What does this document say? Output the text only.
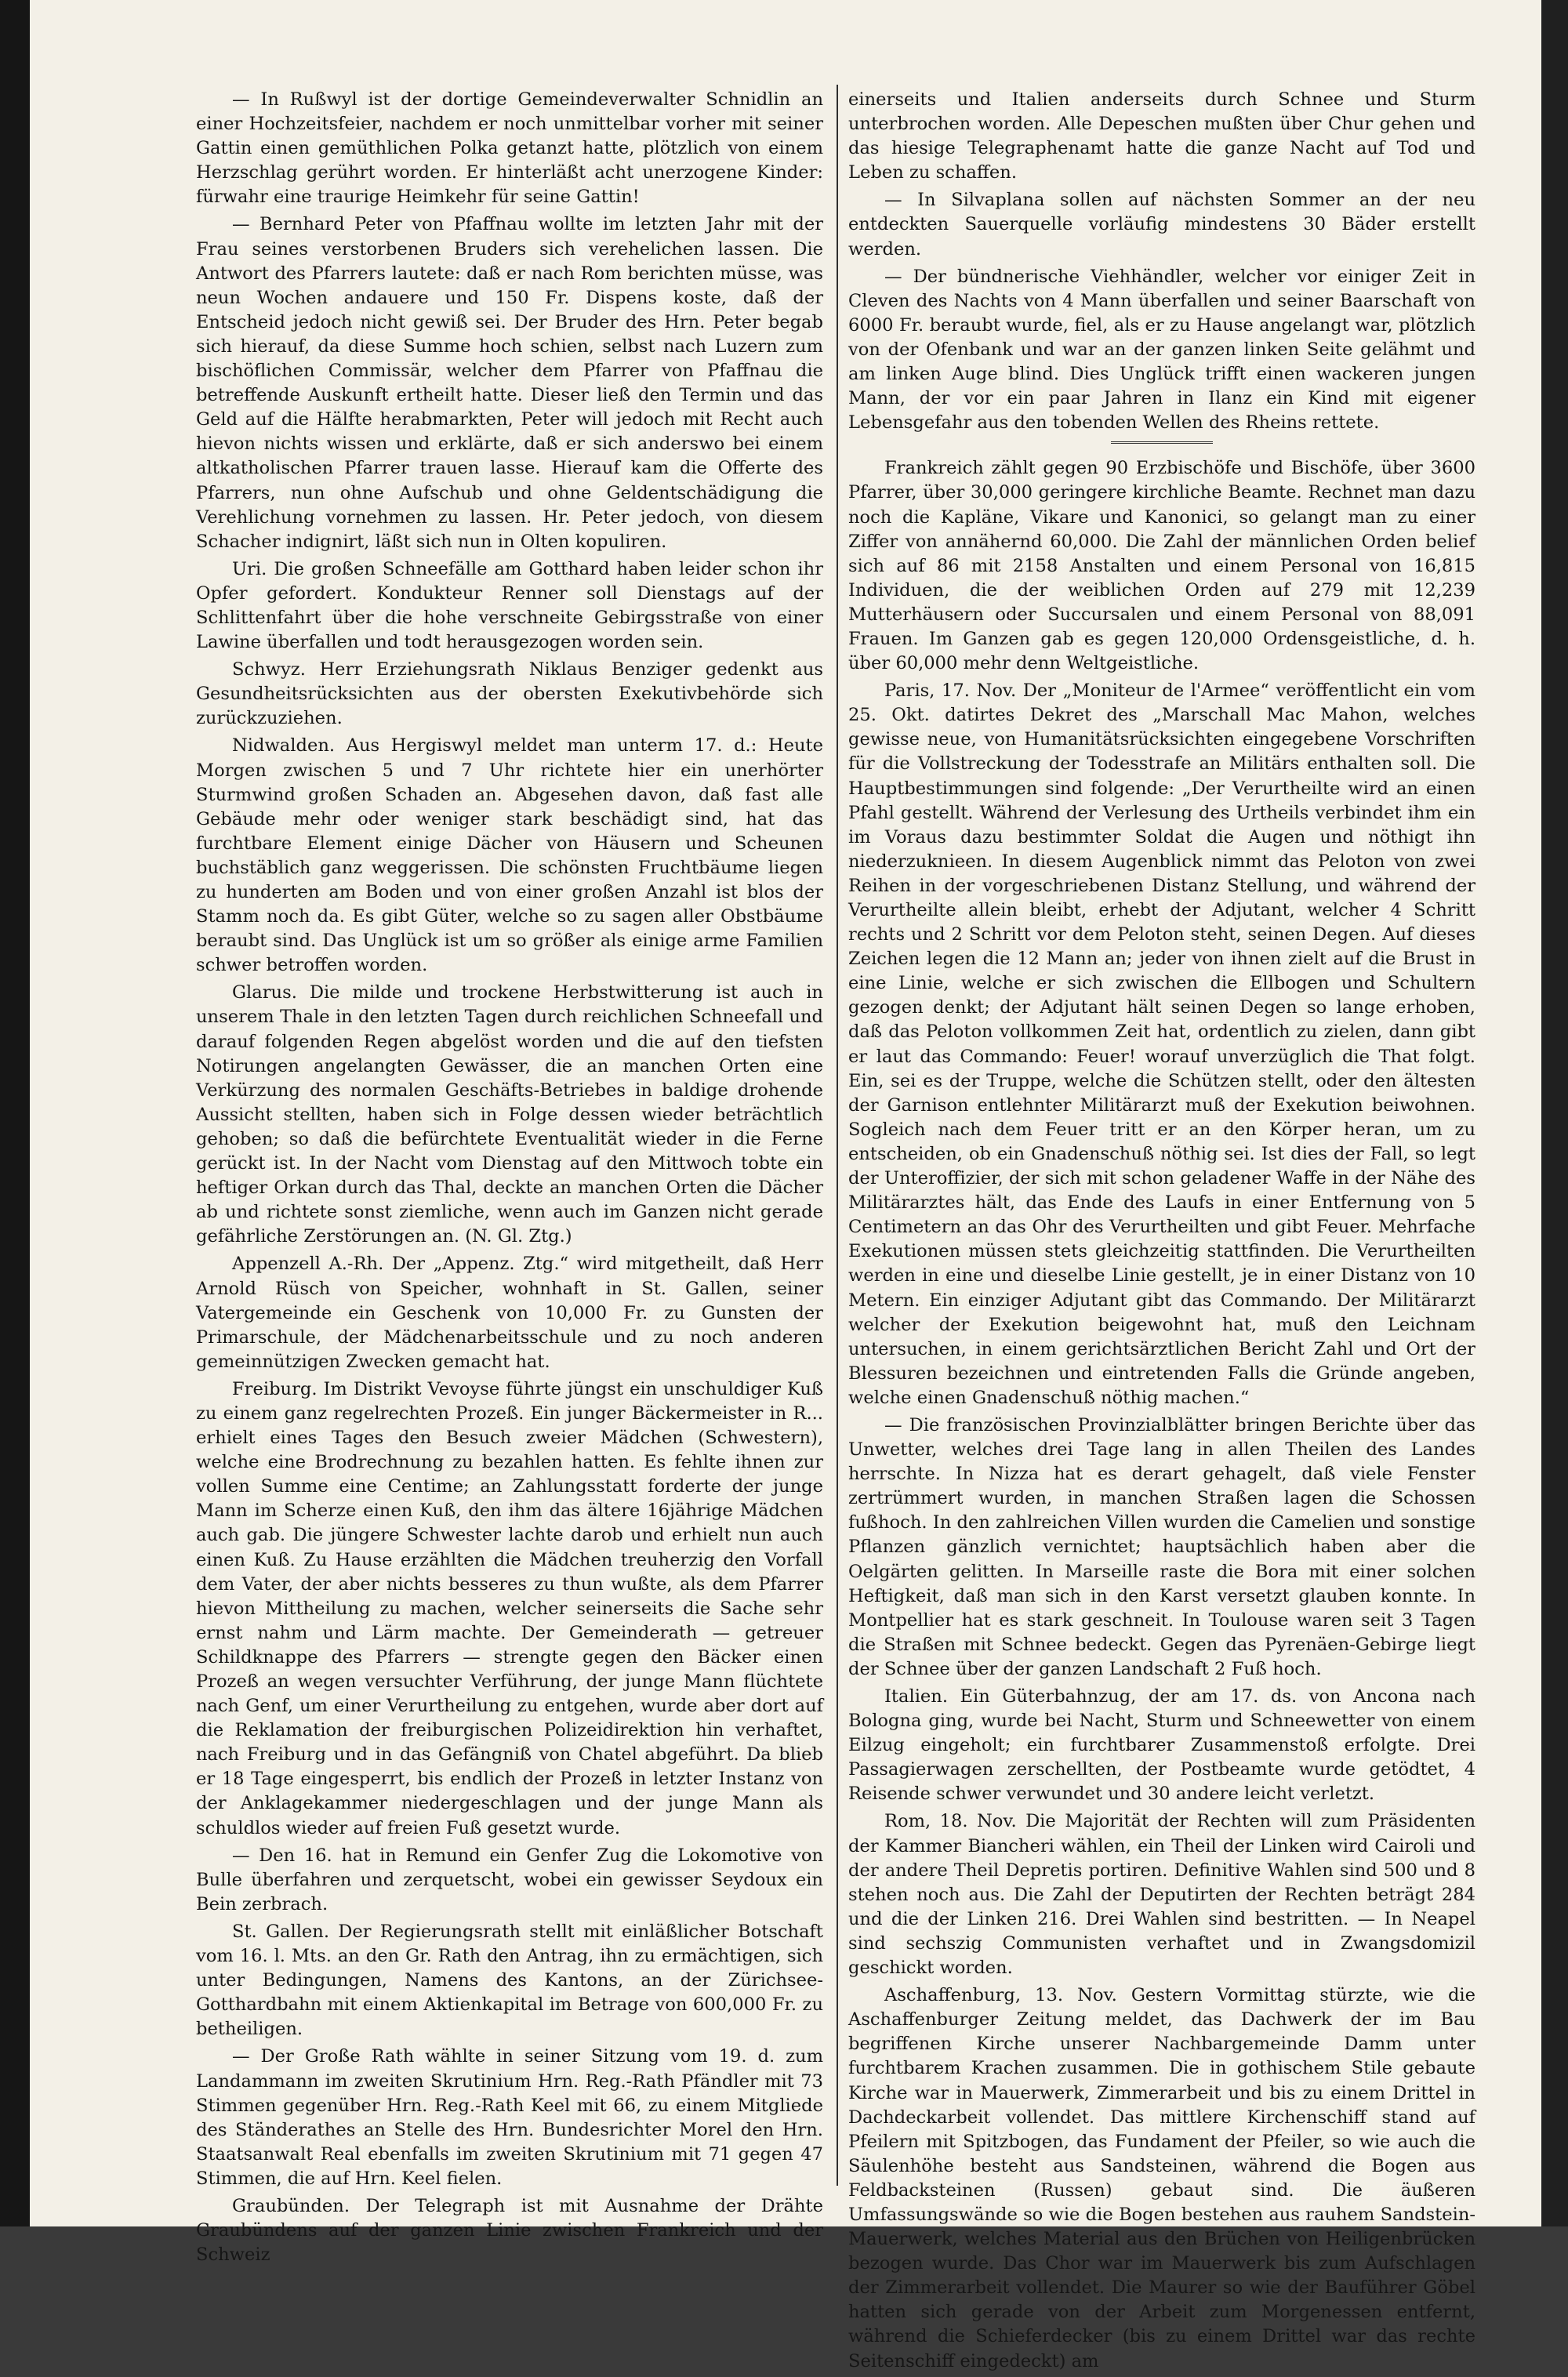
— In Rußwyl ist der dortige Gemeindeverwalter Schnidlin an einer Hochzeitsfeier, nachdem er noch unmittelbar vorher mit seiner Gattin einen gemüthlichen Polka getanzt hatte, plötzlich von einem Herzschlag gerührt worden. Er hinterläßt acht unerzogene Kinder: fürwahr eine traurige Heimkehr für seine Gattin!

— Bernhard Peter von Pfaffnau wollte im letzten Jahr mit der Frau seines verstorbenen Bruders sich verehelichen lassen. Die Antwort des Pfarrers lautete: daß er nach Rom berichten müsse, was neun Wochen andauere und 150 Fr. Dispens koste, daß der Entscheid jedoch nicht gewiß sei. Der Bruder des Hrn. Peter begab sich hierauf, da diese Summe hoch schien, selbst nach Luzern zum bischöflichen Commissär, welcher dem Pfarrer von Pfaffnau die betreffende Auskunft ertheilt hatte. Dieser ließ den Termin und das Geld auf die Hälfte herabmarkten, Peter will jedoch mit Recht auch hievon nichts wissen und erklärte, daß er sich anderswo bei einem altkatholischen Pfarrer trauen lasse. Hierauf kam die Offerte des Pfarrers, nun ohne Aufschub und ohne Geldentschädigung die Verehlichung vornehmen zu lassen. Hr. Peter jedoch, von diesem Schacher indignirt, läßt sich nun in Olten kopuliren.

Uri. Die großen Schneefälle am Gotthard haben leider schon ihr Opfer gefordert. Kondukteur Renner soll Dienstags auf der Schlittenfahrt über die hohe verschneite Gebirgsstraße von einer Lawine überfallen und todt herausgezogen worden sein.

Schwyz. Herr Erziehungsrath Niklaus Benziger gedenkt aus Gesundheitsrücksichten aus der obersten Exekutivbehörde sich zurückzuziehen.

Nidwalden. Aus Hergiswyl meldet man unterm 17. d.: Heute Morgen zwischen 5 und 7 Uhr richtete hier ein unerhörter Sturmwind großen Schaden an. Abgesehen davon, daß fast alle Gebäude mehr oder weniger stark beschädigt sind, hat das furchtbare Element einige Dächer von Häusern und Scheunen buchstäblich ganz weggerissen. Die schönsten Fruchtbäume liegen zu hunderten am Boden und von einer großen Anzahl ist blos der Stamm noch da. Es gibt Güter, welche so zu sagen aller Obstbäume beraubt sind. Das Unglück ist um so größer als einige arme Familien schwer betroffen worden.

Glarus. Die milde und trockene Herbstwitterung ist auch in unserem Thale in den letzten Tagen durch reichlichen Schneefall und darauf folgenden Regen abgelöst worden und die auf den tiefsten Notirungen angelangten Gewässer, die an manchen Orten eine Verkürzung des normalen Geschäfts-Betriebes in baldige drohende Aussicht stellten, haben sich in Folge dessen wieder beträchtlich gehoben; so daß die befürchtete Eventualität wieder in die Ferne gerückt ist. In der Nacht vom Dienstag auf den Mittwoch tobte ein heftiger Orkan durch das Thal, deckte an manchen Orten die Dächer ab und richtete sonst ziemliche, wenn auch im Ganzen nicht gerade gefährliche Zerstörungen an. (N. Gl. Ztg.)

Appenzell A.-Rh. Der „Appenz. Ztg.“ wird mitgetheilt, daß Herr Arnold Rüsch von Speicher, wohnhaft in St. Gallen, seiner Vatergemeinde ein Geschenk von 10,000 Fr. zu Gunsten der Primarschule, der Mädchenarbeitsschule und zu noch anderen gemeinnützigen Zwecken gemacht hat.

Freiburg. Im Distrikt Vevoyse führte jüngst ein unschuldiger Kuß zu einem ganz regelrechten Prozeß. Ein junger Bäckermeister in R... erhielt eines Tages den Besuch zweier Mädchen (Schwestern), welche eine Brodrechnung zu bezahlen hatten. Es fehlte ihnen zur vollen Summe eine Centime; an Zahlungsstatt forderte der junge Mann im Scherze einen Kuß, den ihm das ältere 16jährige Mädchen auch gab. Die jüngere Schwester lachte darob und erhielt nun auch einen Kuß. Zu Hause erzählten die Mädchen treuherzig den Vorfall dem Vater, der aber nichts besseres zu thun wußte, als dem Pfarrer hievon Mittheilung zu machen, welcher seinerseits die Sache sehr ernst nahm und Lärm machte. Der Gemeinderath — getreuer Schildknappe des Pfarrers — strengte gegen den Bäcker einen Prozeß an wegen versuchter Verführung, der junge Mann flüchtete nach Genf, um einer Verurtheilung zu entgehen, wurde aber dort auf die Reklamation der freiburgischen Polizeidirektion hin verhaftet, nach Freiburg und in das Gefängniß von Chatel abgeführt. Da blieb er 18 Tage eingesperrt, bis endlich der Prozeß in letzter Instanz von der Anklagekammer niedergeschlagen und der junge Mann als schuldlos wieder auf freien Fuß gesetzt wurde.

— Den 16. hat in Remund ein Genfer Zug die Lokomotive von Bulle überfahren und zerquetscht, wobei ein gewisser Seydoux ein Bein zerbrach.

St. Gallen. Der Regierungsrath stellt mit einläßlicher Botschaft vom 16. l. Mts. an den Gr. Rath den Antrag, ihn zu ermächtigen, sich unter Bedingungen, Namens des Kantons, an der Zürichsee-Gotthardbahn mit einem Aktienkapital im Betrage von 600,000 Fr. zu betheiligen.

— Der Große Rath wählte in seiner Sitzung vom 19. d. zum Landammann im zweiten Skrutinium Hrn. Reg.-Rath Pfändler mit 73 Stimmen gegenüber Hrn. Reg.-Rath Keel mit 66, zu einem Mitgliede des Ständerathes an Stelle des Hrn. Bundesrichter Morel den Hrn. Staatsanwalt Real ebenfalls im zweiten Skrutinium mit 71 gegen 47 Stimmen, die auf Hrn. Keel fielen.

Graubünden. Der Telegraph ist mit Ausnahme der Drähte Graubündens auf der ganzen Linie zwischen Frankreich und der Schweiz

einerseits und Italien anderseits durch Schnee und Sturm unterbrochen worden. Alle Depeschen mußten über Chur gehen und das hiesige Telegraphenamt hatte die ganze Nacht auf Tod und Leben zu schaffen.

— In Silvaplana sollen auf nächsten Sommer an der neu entdeckten Sauerquelle vorläufig mindestens 30 Bäder erstellt werden.

— Der bündnerische Viehhändler, welcher vor einiger Zeit in Cleven des Nachts von 4 Mann überfallen und seiner Baarschaft von 6000 Fr. beraubt wurde, fiel, als er zu Hause angelangt war, plötzlich von der Ofenbank und war an der ganzen linken Seite gelähmt und am linken Auge blind. Dies Unglück trifft einen wackeren jungen Mann, der vor ein paar Jahren in Ilanz ein Kind mit eigener Lebensgefahr aus den tobenden Wellen des Rheins rettete.

Frankreich zählt gegen 90 Erzbischöfe und Bischöfe, über 3600 Pfarrer, über 30,000 geringere kirchliche Beamte. Rechnet man dazu noch die Kapläne, Vikare und Kanonici, so gelangt man zu einer Ziffer von annähernd 60,000. Die Zahl der männlichen Orden belief sich auf 86 mit 2158 Anstalten und einem Personal von 16,815 Individuen, die der weiblichen Orden auf 279 mit 12,239 Mutterhäusern oder Succursalen und einem Personal von 88,091 Frauen. Im Ganzen gab es gegen 120,000 Ordensgeistliche, d. h. über 60,000 mehr denn Weltgeistliche.

Paris, 17. Nov. Der „Moniteur de l'Armee“ veröffentlicht ein vom 25. Okt. datirtes Dekret des „Marschall Mac Mahon, welches gewisse neue, von Humanitätsrücksichten eingegebene Vorschriften für die Vollstreckung der Todesstrafe an Militärs enthalten soll. Die Hauptbestimmungen sind folgende: „Der Verurtheilte wird an einen Pfahl gestellt. Während der Verlesung des Urtheils verbindet ihm ein im Voraus dazu bestimmter Soldat die Augen und nöthigt ihn niederzuknieen. In diesem Augenblick nimmt das Peloton von zwei Reihen in der vorgeschriebenen Distanz Stellung, und während der Verurtheilte allein bleibt, erhebt der Adjutant, welcher 4 Schritt rechts und 2 Schritt vor dem Peloton steht, seinen Degen. Auf dieses Zeichen legen die 12 Mann an; jeder von ihnen zielt auf die Brust in eine Linie, welche er sich zwischen die Ellbogen und Schultern gezogen denkt; der Adjutant hält seinen Degen so lange erhoben, daß das Peloton vollkommen Zeit hat, ordentlich zu zielen, dann gibt er laut das Commando: Feuer! worauf unverzüglich die That folgt. Ein, sei es der Truppe, welche die Schützen stellt, oder den ältesten der Garnison entlehnter Militärarzt muß der Exekution beiwohnen. Sogleich nach dem Feuer tritt er an den Körper heran, um zu entscheiden, ob ein Gnadenschuß nöthig sei. Ist dies der Fall, so legt der Unteroffizier, der sich mit schon geladener Waffe in der Nähe des Militärarztes hält, das Ende des Laufs in einer Entfernung von 5 Centimetern an das Ohr des Verurtheilten und gibt Feuer. Mehrfache Exekutionen müssen stets gleichzeitig stattfinden. Die Verurtheilten werden in eine und dieselbe Linie gestellt, je in einer Distanz von 10 Metern. Ein einziger Adjutant gibt das Commando. Der Militärarzt welcher der Exekution beigewohnt hat, muß den Leichnam untersuchen, in einem gerichtsärztlichen Bericht Zahl und Ort der Blessuren bezeichnen und eintretenden Falls die Gründe angeben, welche einen Gnadenschuß nöthig machen.“

— Die französischen Provinzialblätter bringen Berichte über das Unwetter, welches drei Tage lang in allen Theilen des Landes herrschte. In Nizza hat es derart gehagelt, daß viele Fenster zertrümmert wurden, in manchen Straßen lagen die Schossen fußhoch. In den zahlreichen Villen wurden die Camelien und sonstige Pflanzen gänzlich vernichtet; hauptsächlich haben aber die Oelgärten gelitten. In Marseille raste die Bora mit einer solchen Heftigkeit, daß man sich in den Karst versetzt glauben konnte. In Montpellier hat es stark geschneit. In Toulouse waren seit 3 Tagen die Straßen mit Schnee bedeckt. Gegen das Pyrenäen-Gebirge liegt der Schnee über der ganzen Landschaft 2 Fuß hoch.

Italien. Ein Güterbahnzug, der am 17. ds. von Ancona nach Bologna ging, wurde bei Nacht, Sturm und Schneewetter von einem Eilzug eingeholt; ein furchtbarer Zusammenstoß erfolgte. Drei Passagierwagen zerschellten, der Postbeamte wurde getödtet, 4 Reisende schwer verwundet und 30 andere leicht verletzt.

Rom, 18. Nov. Die Majorität der Rechten will zum Präsidenten der Kammer Biancheri wählen, ein Theil der Linken wird Cairoli und der andere Theil Depretis portiren. Definitive Wahlen sind 500 und 8 stehen noch aus. Die Zahl der Deputirten der Rechten beträgt 284 und die der Linken 216. Drei Wahlen sind bestritten. — In Neapel sind sechszig Communisten verhaftet und in Zwangsdomizil geschickt worden.

Aschaffenburg, 13. Nov. Gestern Vormittag stürzte, wie die Aschaffenburger Zeitung meldet, das Dachwerk der im Bau begriffenen Kirche unserer Nachbargemeinde Damm unter furchtbarem Krachen zusammen. Die in gothischem Stile gebaute Kirche war in Mauerwerk, Zimmerarbeit und bis zu einem Drittel in Dachdeckarbeit vollendet. Das mittlere Kirchenschiff stand auf Pfeilern mit Spitzbogen, das Fundament der Pfeiler, so wie auch die Säulenhöhe besteht aus Sandsteinen, während die Bogen aus Feldbacksteinen (Russen) gebaut sind. Die äußeren Umfassungswände so wie die Bogen bestehen aus rauhem Sandstein-Mauerwerk, welches Material aus den Brüchen von Heiligenbrücken bezogen wurde. Das Chor war im Mauerwerk bis zum Aufschlagen der Zimmerarbeit vollendet. Die Maurer so wie der Bauführer Göbel hatten sich gerade von der Arbeit zum Morgenessen entfernt, während die Schieferdecker (bis zu einem Drittel war das rechte Seitenschiff eingedeckt) am
